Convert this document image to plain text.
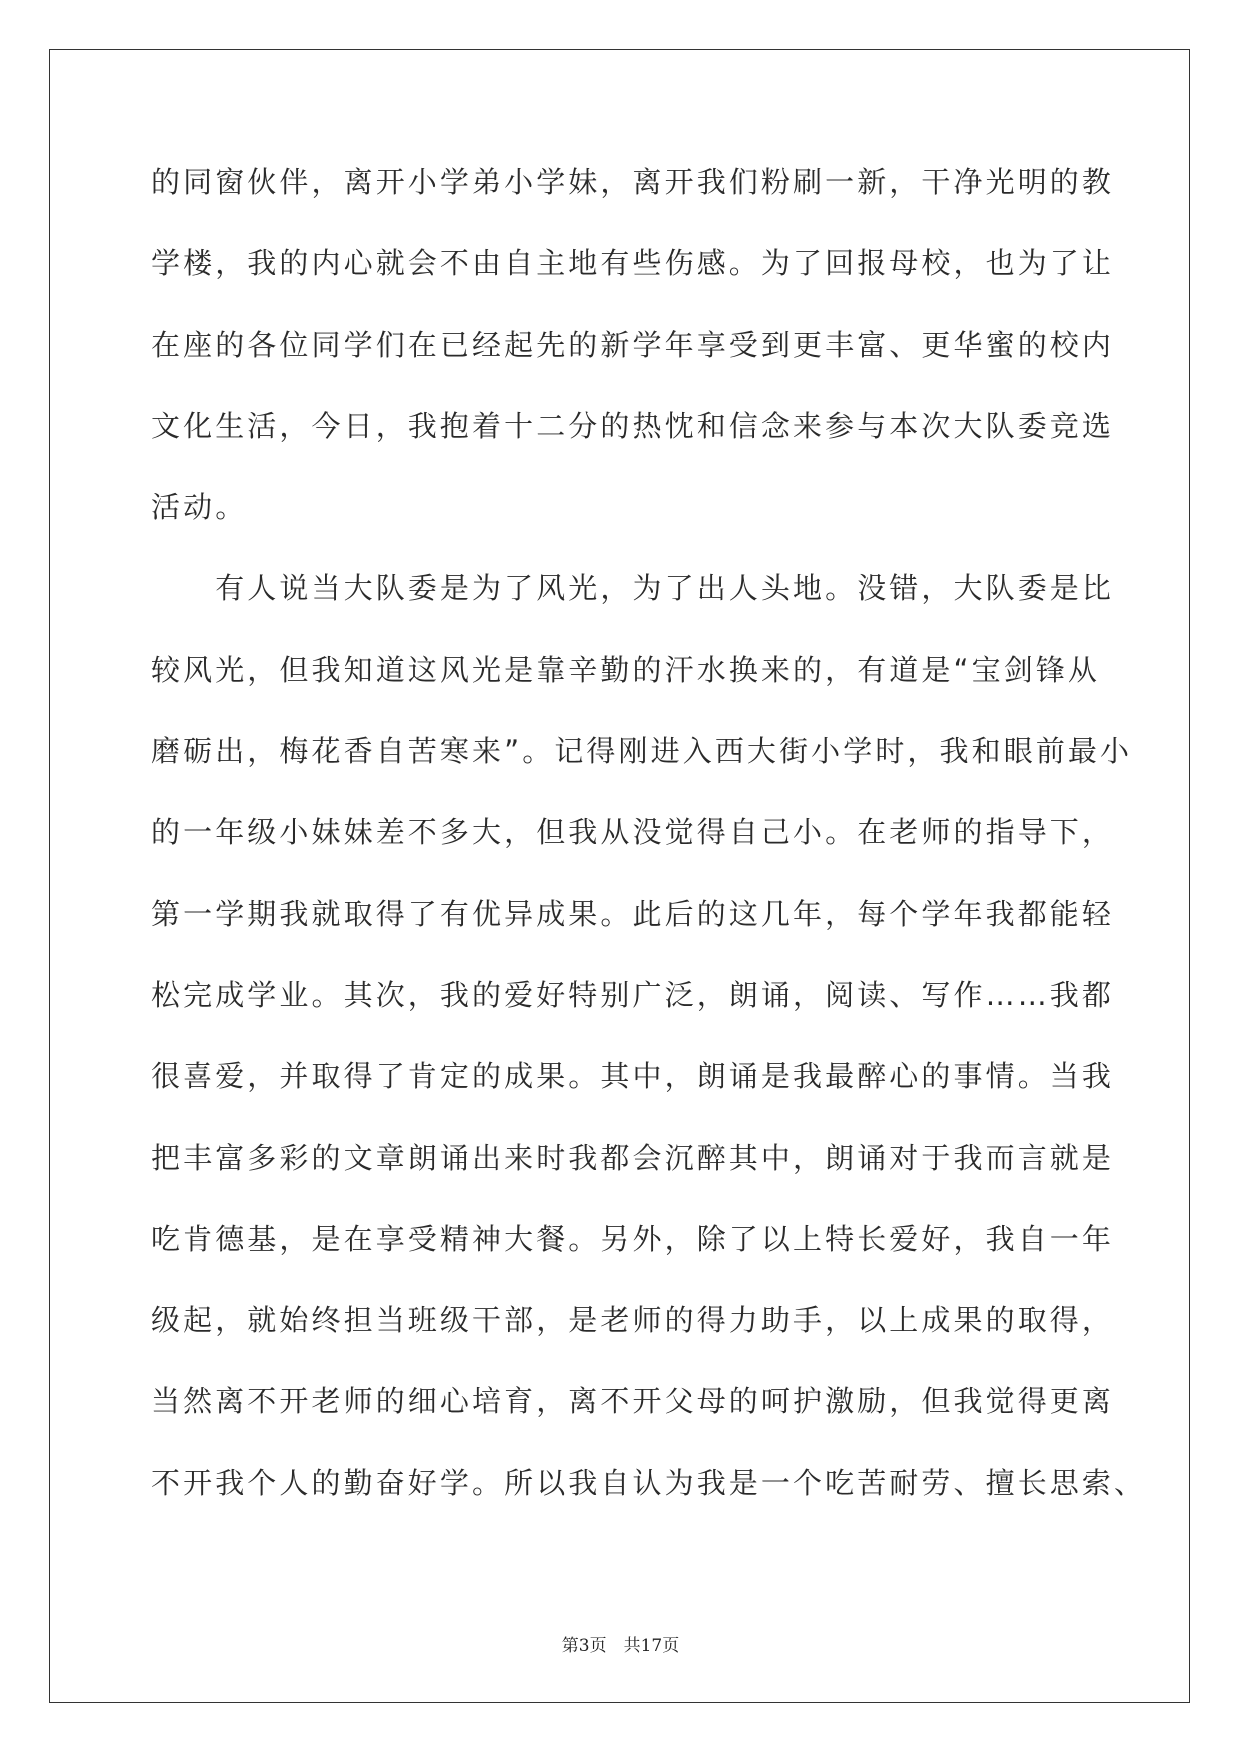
的同窗伙伴，离开小学弟小学妹，离开我们粉刷一新，干净光明的教
学楼，我的内心就会不由自主地有些伤感。为了回报母校，也为了让
在座的各位同学们在已经起先的新学年享受到更丰富、更华蜜的校内
文化生活，今日，我抱着十二分的热忱和信念来参与本次大队委竞选
活动。
　　有人说当大队委是为了风光，为了出人头地。没错，大队委是比
较风光，但我知道这风光是靠辛勤的汗水换来的，有道是“宝剑锋从
磨砺出，梅花香自苦寒来”。记得刚进入西大街小学时，我和眼前最小
的一年级小妹妹差不多大，但我从没觉得自己小。在老师的指导下，
第一学期我就取得了有优异成果。此后的这几年，每个学年我都能轻
松完成学业。其次，我的爱好特别广泛，朗诵，阅读、写作……我都
很喜爱，并取得了肯定的成果。其中，朗诵是我最醉心的事情。当我
把丰富多彩的文章朗诵出来时我都会沉醉其中，朗诵对于我而言就是
吃肯德基，是在享受精神大餐。另外，除了以上特长爱好，我自一年
级起，就始终担当班级干部，是老师的得力助手，以上成果的取得，
当然离不开老师的细心培育，离不开父母的呵护激励，但我觉得更离
不开我个人的勤奋好学。所以我自认为我是一个吃苦耐劳、擅长思索、
第3页　共17页
